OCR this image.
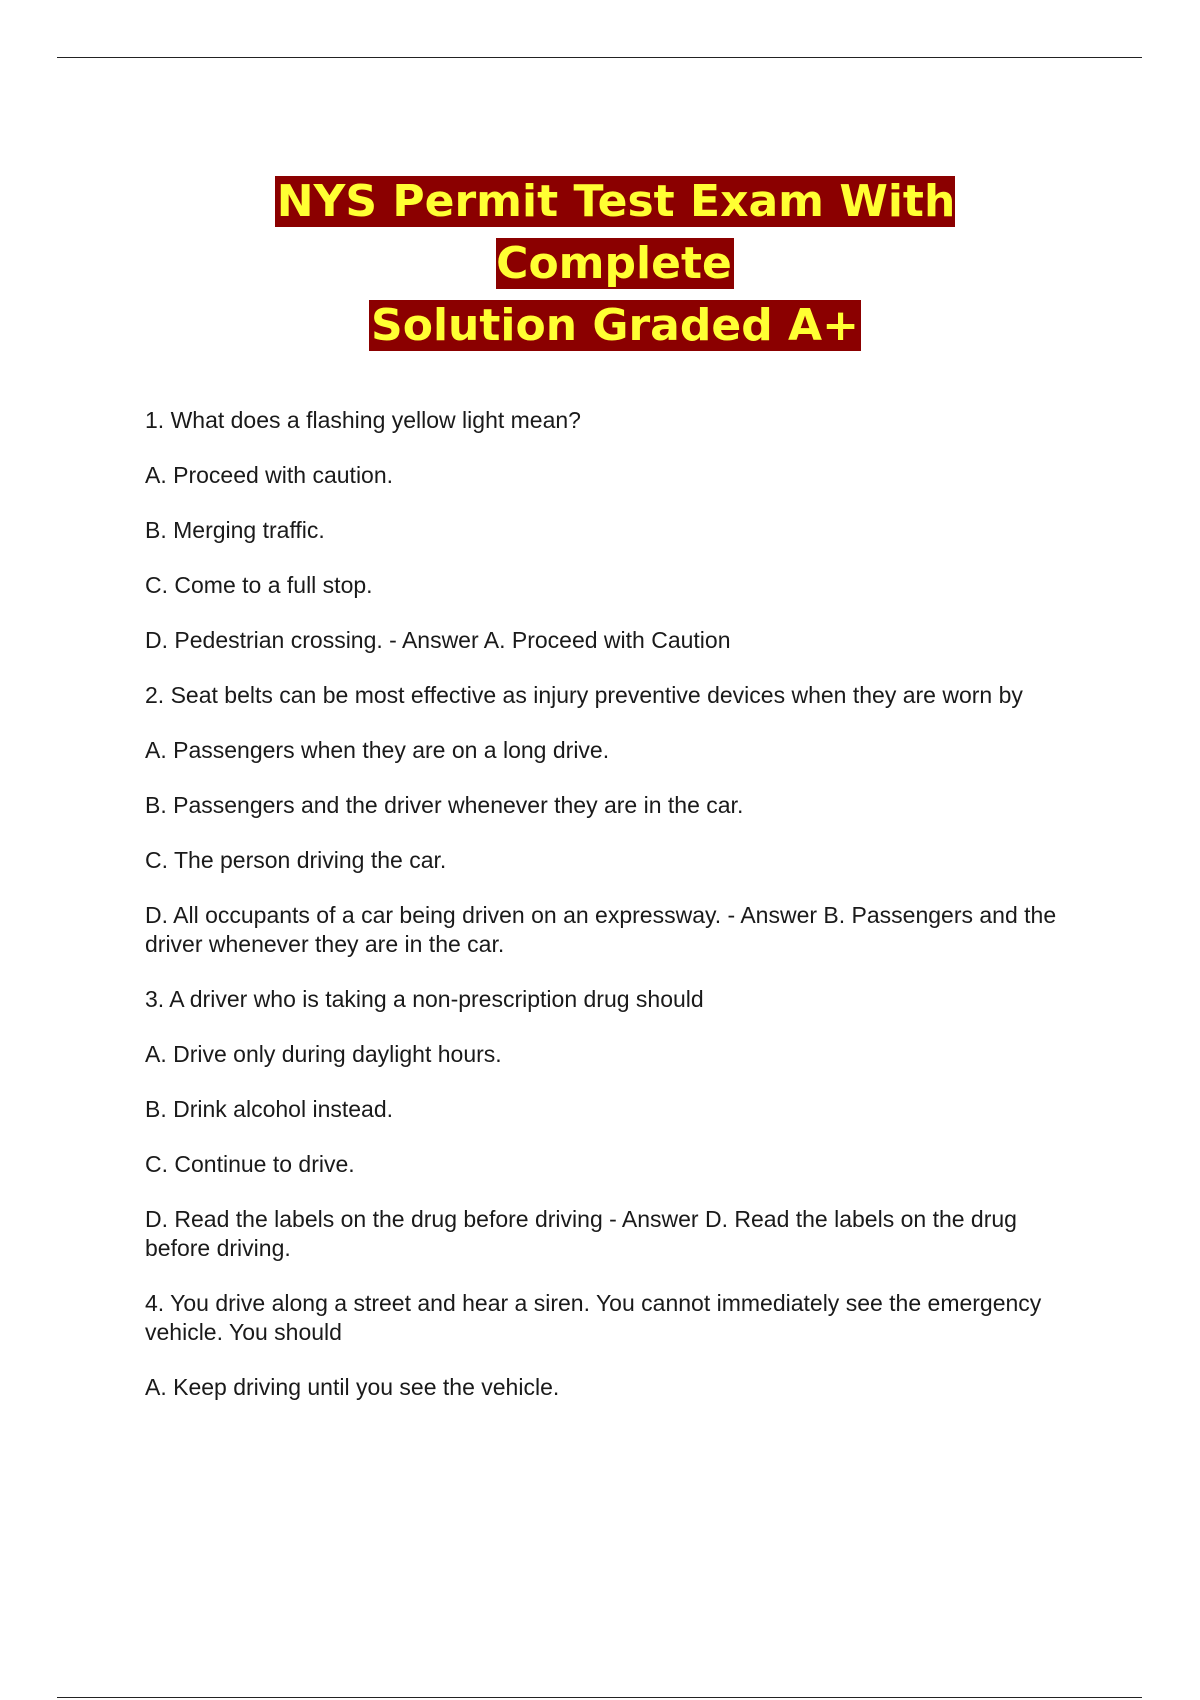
NYS Permit Test Exam With Complete
Solution Graded A+

1. What does a flashing yellow light mean?

A. Proceed with caution.

B. Merging traffic.

C. Come to a full stop.

D. Pedestrian crossing. - Answer A. Proceed with Caution

2. Seat belts can be most effective as injury preventive devices when they are worn by

A. Passengers when they are on a long drive.

B. Passengers and the driver whenever they are in the car.

C. The person driving the car.

D. All occupants of a car being driven on an expressway. - Answer B. Passengers and the driver whenever they are in the car.

3. A driver who is taking a non-prescription drug should

A. Drive only during daylight hours.

B. Drink alcohol instead.

C. Continue to drive.

D. Read the labels on the drug before driving - Answer D. Read the labels on the drug before driving.

4. You drive along a street and hear a siren. You cannot immediately see the emergency vehicle. You should

A. Keep driving until you see the vehicle.
